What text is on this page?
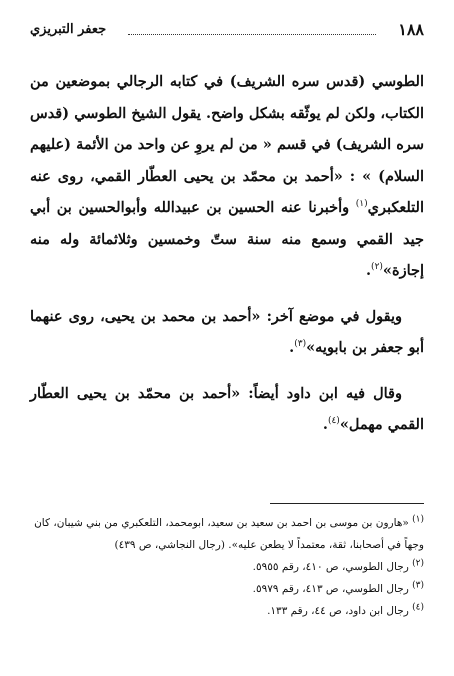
١٨٨
جعفر التبريزي

الطوسي (قدس سره الشريف) في كتابه الرجالي بموضعين من الكتاب، ولكن لم يوثّقه بشكل واضح. يقول الشيخ الطوسي (قدس سره الشريف) في قسم « من لم يروِ عن واحد من الأئمة (عليهم السلام) » : «أحمد بن محمّد بن يحيى العطّار القمي، روى عنه التلعكبري$^{(١)}$ وأخبرنا عنه الحسين بن عبيدالله وأبوالحسين بن أبي جيد القمي وسمع منه سنة ستّ وخمسين وثلاثمائة وله منه إجازة»$^{(٢)}$.

ويقول في موضع آخر: «أحمد بن محمد بن يحيى، روى عنهما أبو جعفر بن بابويه»$^{(٣)}$.

وقال فيه ابن داود أيضاً: «أحمد بن محمّد بن يحيى العطّار القمي مهمل»$^{(٤)}$.

$^{(١)}$ «هارون بن موسى بن احمد بن سعيد بن سعيد، ابومحمد، التلعكبري من بني شيبان، كان وجهاً في أصحابنا، ثقة، معتمداً لا يطعن عليه». (رجال النجاشي، ص ٤٣٩)

$^{(٢)}$ رجال الطوسي، ص ٤١٠، رقم ٥٩٥٥.

$^{(٣)}$ رجال الطوسي، ص ٤١٣، رقم ٥٩٧٩.

$^{(٤)}$ رجال ابن داود، ص ٤٤، رقم ١٣٣.
